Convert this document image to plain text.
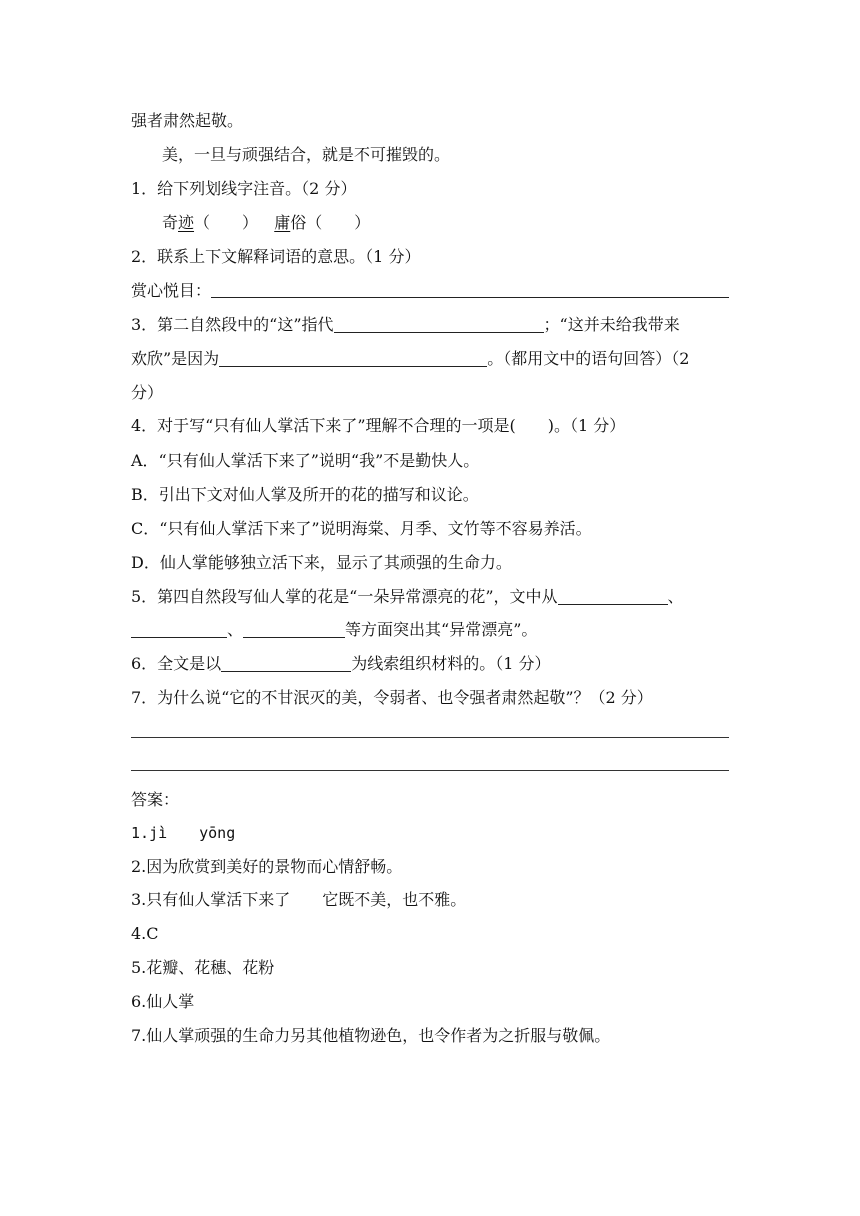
强者肃然起敬。
美，一旦与顽强结合，就是不可摧毁的。
1．给下列划线字注音。（2 分）
奇迹（　　） 庸俗（　　）
2．联系上下文解释词语的意思。（1 分）
赏心悦目：
3．第二自然段中的“这”指代	；“这并未给我带来
欢欣”是因为	。（都用文中的语句回答）（2
分）
4．对于写“只有仙人掌活下来了”理解不合理的一项是(　　)。（1 分）
A．“只有仙人掌活下来了”说明“我”不是勤快人。
B．引出下文对仙人掌及所开的花的描写和议论。
C．“只有仙人掌活下来了”说明海棠、月季、文竹等不容易养活。
D．仙人掌能够独立活下来，显示了其顽强的生命力。
5．第四自然段写仙人掌的花是“一朵异常漂亮的花”，文中从	、
、	等方面突出其“异常漂亮”。
6．全文是以	为线索组织材料的。（1 分）
7．为什么说“它的不甘泯灭的美，令弱者、也令强者肃然起敬”？（2 分）
答案：
1.jì yōng
2.因为欣赏到美好的景物而心情舒畅。
3.只有仙人掌活下来了 它既不美，也不雅。
4.C
5.花瓣、花穗、花粉
6.仙人掌
7.仙人掌顽强的生命力另其他植物逊色，也令作者为之折服与敬佩。
